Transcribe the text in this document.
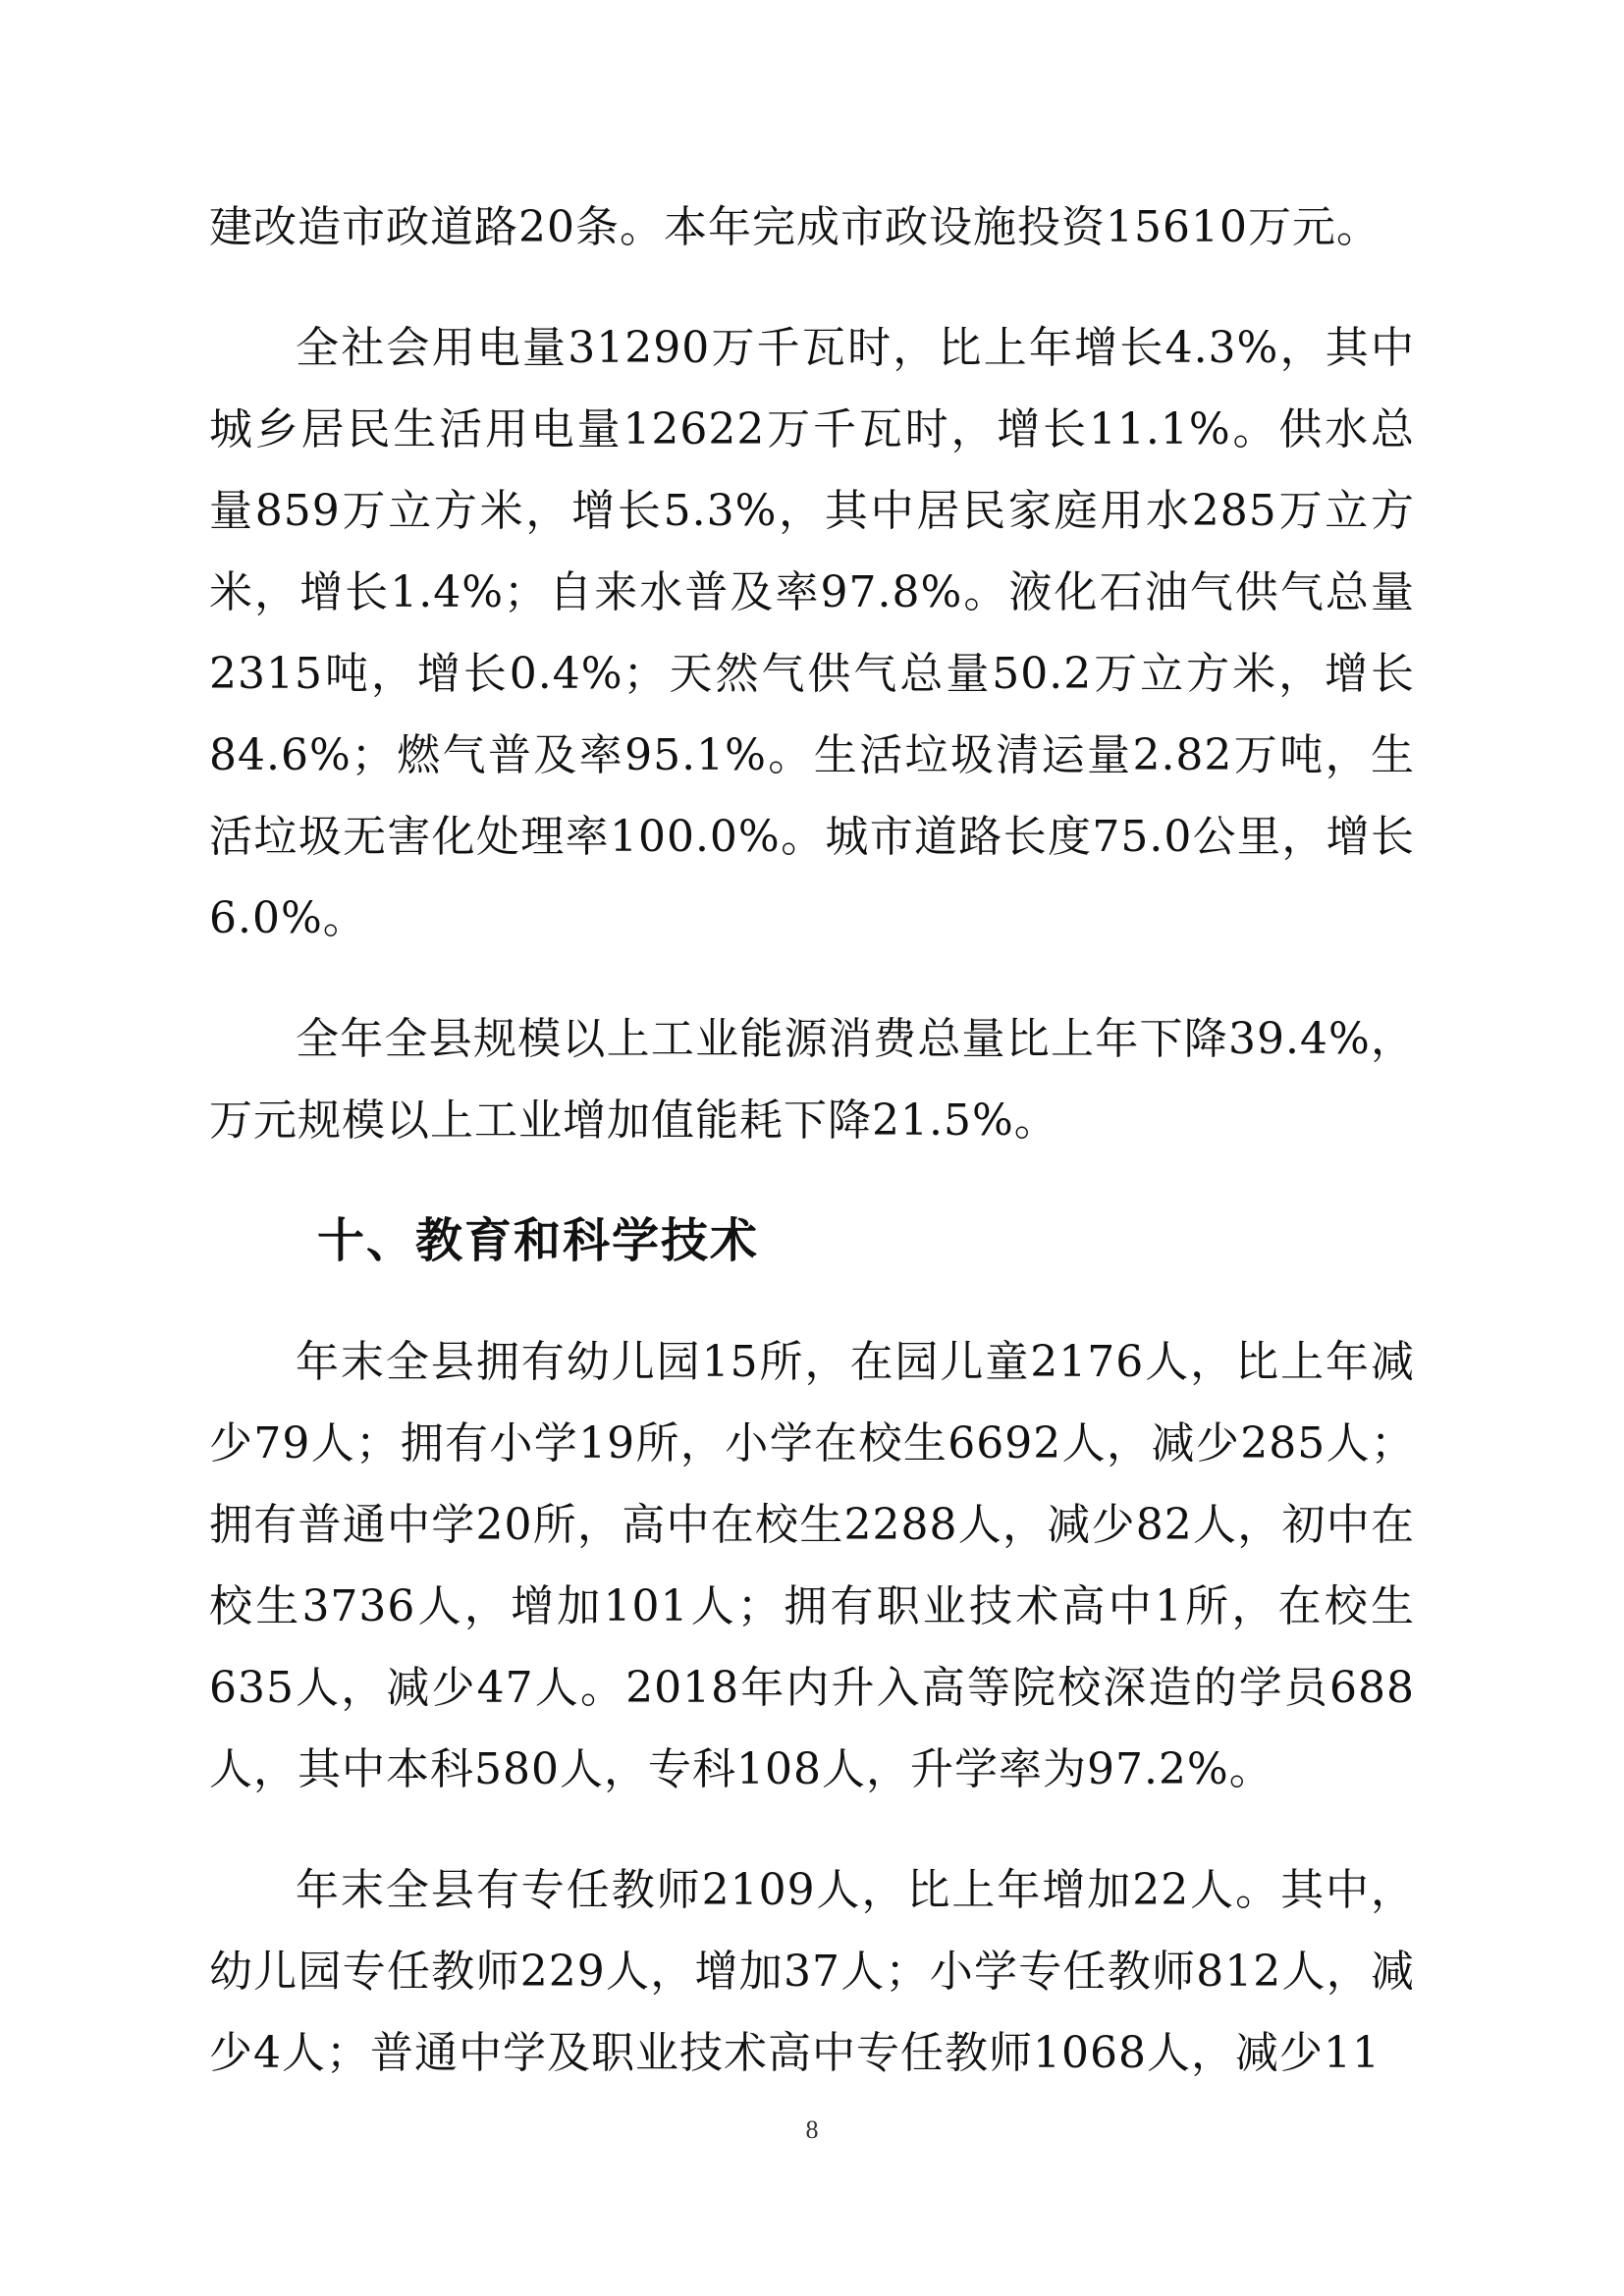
建改造市政道路20条。本年完成市政设施投资15610万元。

全社会用电量31290万千瓦时，比上年增长4.3%，其中城乡居民生活用电量12622万千瓦时，增长11.1%。供水总量859万立方米，增长5.3%，其中居民家庭用水285万立方米，增长1.4%；自来水普及率97.8%。液化石油气供气总量2315吨，增长0.4%；天然气供气总量50.2万立方米，增长84.6%；燃气普及率95.1%。生活垃圾清运量2.82万吨，生活垃圾无害化处理率100.0%。城市道路长度75.0公里，增长6.0%。

全年全县规模以上工业能源消费总量比上年下降39.4%，万元规模以上工业增加值能耗下降21.5%。

十、教育和科学技术

年末全县拥有幼儿园15所，在园儿童2176人，比上年减少79人；拥有小学19所，小学在校生6692人，减少285人；拥有普通中学20所，高中在校生2288人，减少82人，初中在校生3736人，增加101人；拥有职业技术高中1所，在校生635人，减少47人。2018年内升入高等院校深造的学员688人，其中本科580人，专科108人，升学率为97.2%。

年末全县有专任教师2109人，比上年增加22人。其中，幼儿园专任教师229人，增加37人；小学专任教师812人，减少4人；普通中学及职业技术高中专任教师1068人，减少11

8
